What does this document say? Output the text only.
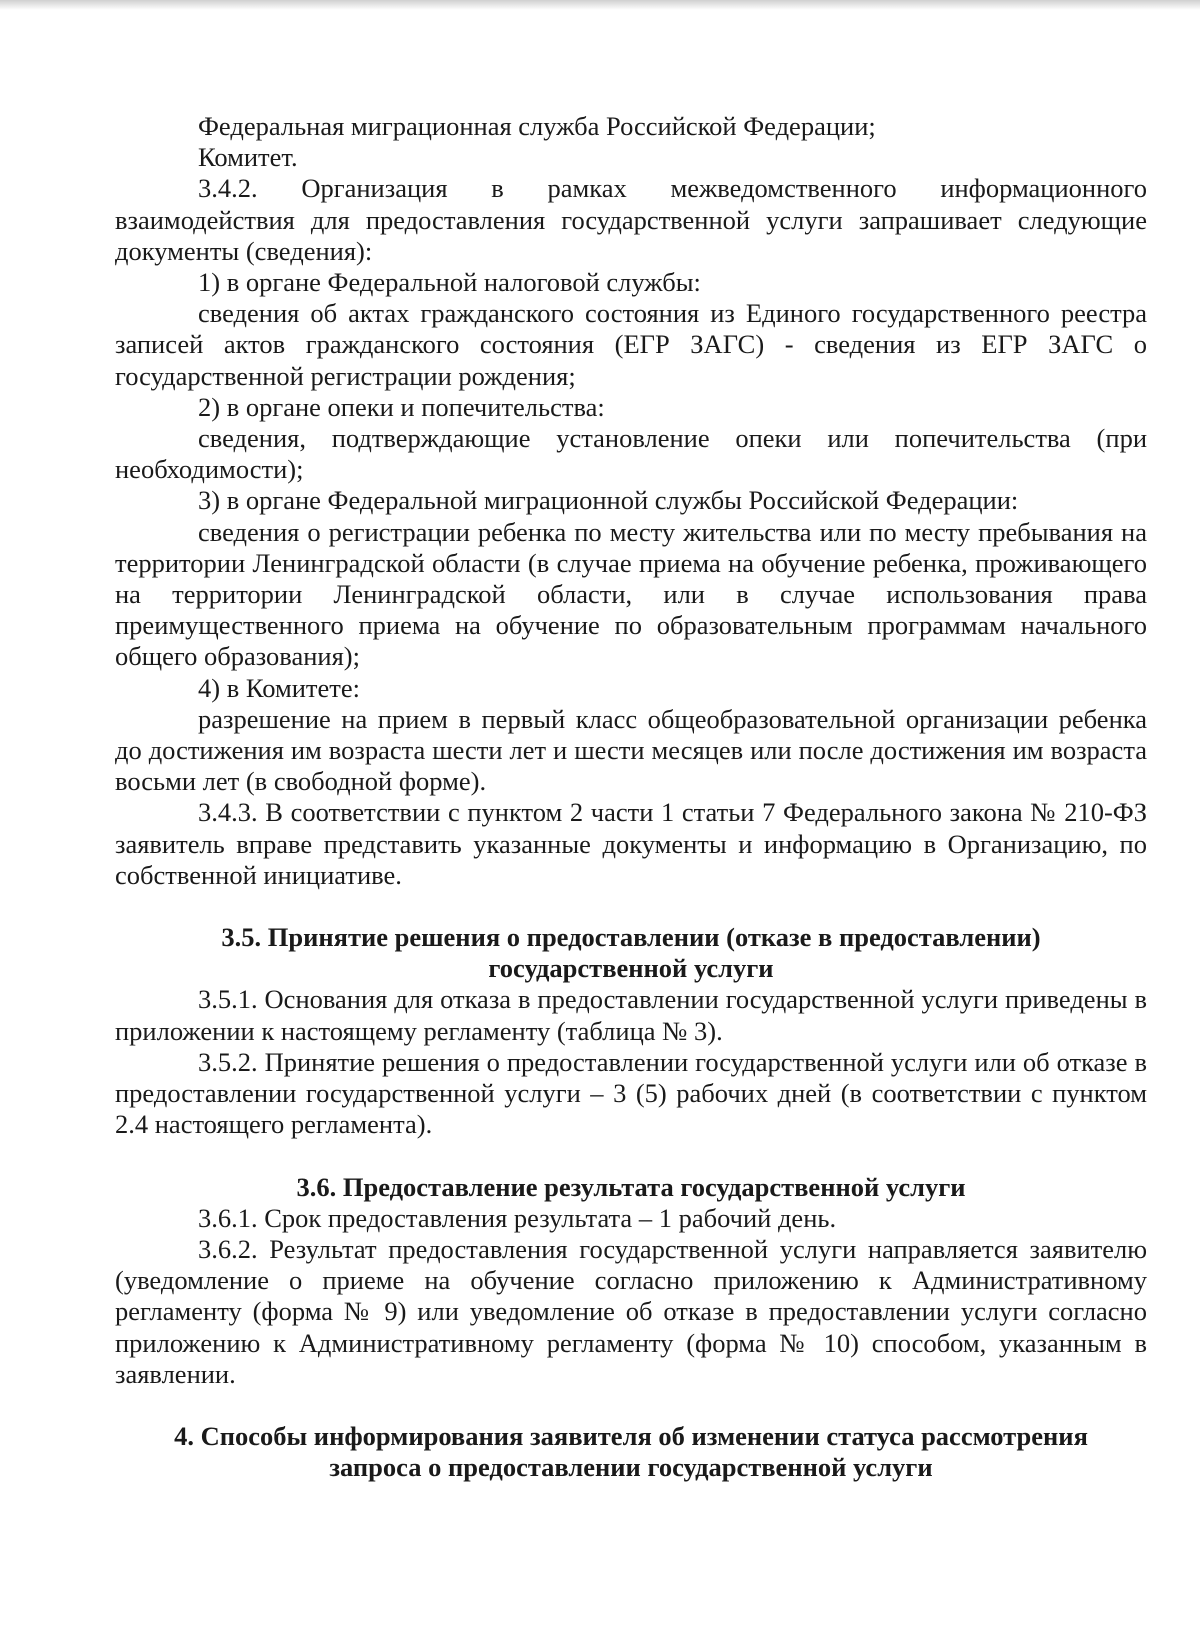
Федеральная миграционная служба Российской Федерации;

Комитет.

3.4.2. Организация в рамках межведомственного информационного взаимодействия для предоставления государственной услуги запрашивает следующие документы (сведения):

1) в органе Федеральной налоговой службы:

сведения об актах гражданского состояния из Единого государственного реестра записей актов гражданского состояния (ЕГР ЗАГС) - сведения из ЕГР ЗАГС о государственной регистрации рождения;

2) в органе опеки и попечительства:

сведения, подтверждающие установление опеки или попечительства (при необходимости);

3) в органе Федеральной миграционной службы Российской Федерации:

сведения о регистрации ребенка по месту жительства или по месту пребывания на территории Ленинградской области (в случае приема на обучение ребенка, проживающего на территории Ленинградской области, или в случае использования права преимущественного приема на обучение по образовательным программам начального общего образования);

4) в Комитете:

разрешение на прием в первый класс общеобразовательной организации ребенка до достижения им возраста шести лет и шести месяцев или после достижения им возраста восьми лет (в свободной форме).

3.4.3. В соответствии с пунктом 2 части 1 статьи 7 Федерального закона № 210-ФЗ заявитель вправе представить указанные документы и информацию в Организацию, по собственной инициативе.

3.5. Принятие решения о предоставлении (отказе в предоставлении)

государственной услуги

3.5.1. Основания для отказа в предоставлении государственной услуги приведены в приложении к настоящему регламенту (таблица № 3).

3.5.2. Принятие решения о предоставлении государственной услуги или об отказе в предоставлении государственной услуги – 3 (5) рабочих дней (в соответствии с пунктом 2.4 настоящего регламента).

3.6. Предоставление результата государственной услуги

3.6.1. Срок предоставления результата – 1 рабочий день.

3.6.2. Результат предоставления государственной услуги направляется заявителю (уведомление о приеме на обучение согласно приложению к Административному регламенту (форма № 9) или уведомление об отказе в предоставлении услуги согласно приложению к Административному регламенту (форма № 10) способом, указанным в заявлении.

4. Способы информирования заявителя об изменении статуса рассмотрения

запроса о предоставлении государственной услуги
